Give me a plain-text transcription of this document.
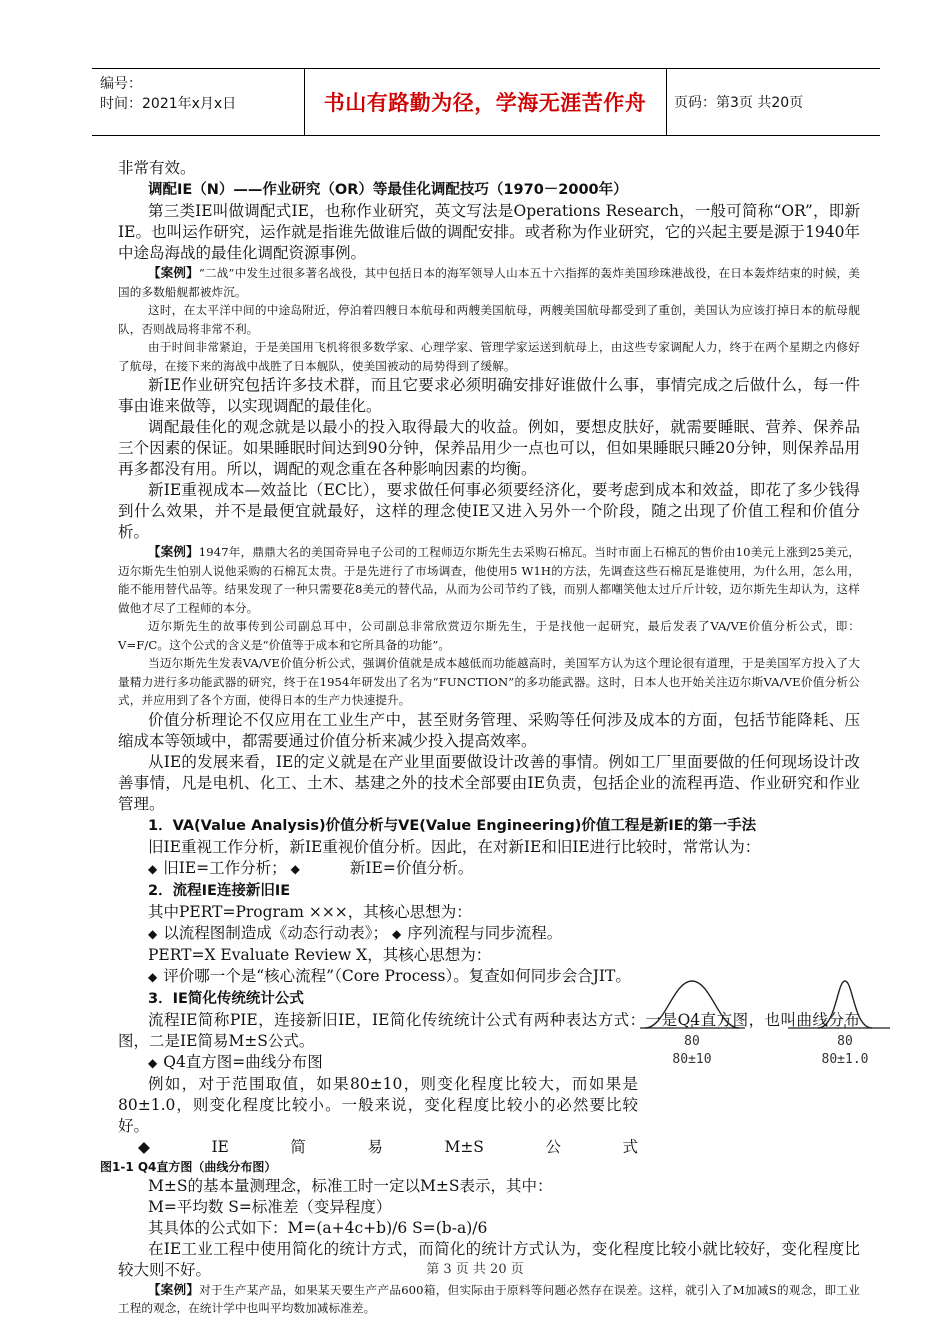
编号：
时间：2021年x月x日	书山有路勤为径，学海无涯苦作舟	页码：第3页 共20页

非常有效。

调配IE（N）——作业研究（OR）等最佳化调配技巧（1970－2000年）

第三类IE叫做调配式IE，也称作业研究，英文写法是Operations Research，一般可简称“OR”，即新IE。也叫运作研究，运作就是指谁先做谁后做的调配安排。或者称为作业研究，它的兴起主要是源于1940年中途岛海战的最佳化调配资源事例。

【案例】“二战”中发生过很多著名战役，其中包括日本的海军领导人山本五十六指挥的轰炸美国珍珠港战役，在日本轰炸结束的时候，美国的多数船舰都被炸沉。

这时，在太平洋中间的中途岛附近，停泊着四艘日本航母和两艘美国航母，两艘美国航母都受到了重创，美国认为应该打掉日本的航母舰队，否则战局将非常不利。

由于时间非常紧迫，于是美国用飞机将很多数学家、心理学家、管理学家运送到航母上，由这些专家调配人力，终于在两个星期之内修好了航母，在接下来的海战中战胜了日本舰队，使美国被动的局势得到了缓解。

新IE作业研究包括许多技术群，而且它要求必须明确安排好谁做什么事，事情完成之后做什么，每一件事由谁来做等，以实现调配的最佳化。

调配最佳化的观念就是以最小的投入取得最大的收益。例如，要想皮肤好，就需要睡眠、营养、保养品三个因素的保证。如果睡眠时间达到90分钟，保养品用少一点也可以，但如果睡眠只睡20分钟，则保养品用再多都没有用。所以，调配的观念重在各种影响因素的均衡。

新IE重视成本—效益比（EC比），要求做任何事必须要经济化，要考虑到成本和效益，即花了多少钱得到什么效果，并不是最便宜就最好，这样的理念使IE又进入另外一个阶段，随之出现了价值工程和价值分析。

【案例】1947年，鼎鼎大名的美国奇异电子公司的工程师迈尔斯先生去采购石棉瓦。当时市面上石棉瓦的售价由10美元上涨到25美元，迈尔斯先生怕别人说他采购的石棉瓦太贵。于是先进行了市场调查，他使用5 W1H的方法，先调查这些石棉瓦是谁使用，为什么用，怎么用，能不能用替代品等。结果发现了一种只需要花8美元的替代品，从而为公司节约了钱，而别人都嘲笑他太过斤斤计较，迈尔斯先生却认为，这样做他才尽了工程师的本分。

迈尔斯先生的故事传到公司副总耳中，公司副总非常欣赏迈尔斯先生，于是找他一起研究，最后发表了VA/VE价值分析公式，即：V=F/C。这个公式的含义是“价值等于成本和它所具备的功能”。

当迈尔斯先生发表VA/VE价值分析公式，强调价值就是成本越低而功能越高时，美国军方认为这个理论很有道理，于是美国军方投入了大量精力进行多功能武器的研究，终于在1954年研发出了名为“FUNCTION”的多功能武器。这时，日本人也开始关注迈尔斯VA/VE价值分析公式，并应用到了各个方面，使得日本的生产力快速提升。

价值分析理论不仅应用在工业生产中，甚至财务管理、采购等任何涉及成本的方面，包括节能降耗、压缩成本等领域中，都需要通过价值分析来减少投入提高效率。

从IE的发展来看，IE的定义就是在产业里面要做设计改善的事情。例如工厂里面要做的任何现场设计改善事情，凡是电机、化工、土木、基建之外的技术全部要由IE负责，包括企业的流程再造、作业研究和作业管理。

1．VA(Value Analysis)价值分析与VE(Value Engineering)价值工程是新IE的第一手法

旧IE重视工作分析，新IE重视价值分析。因此，在对新IE和旧IE进行比较时，常常认为：

◆ 旧IE=工作分析； ◆	新IE=价值分析。

2．流程IE连接新旧IE

其中PERT=Program ×××，其核心思想为：

◆ 以流程图制造成《动态行动表》； ◆ 序列流程与同步流程。

PERT=X Evaluate Review X，其核心思想为：

◆ 评价哪一个是“核心流程”（Core Process）。复查如何同步会合JIT。

3．IE简化传统统计公式

流程IE简称PIE，连接新旧IE，IE简化传统统计公式有两种表达方式：一是Q4直方图，也叫曲线分布图，二是IE简易M±S公式。

◆ Q4直方图=曲线分布图

例如，对于范围取值，如果80±10，则变化程度比较大，而如果是80±1.0，则变化程度比较小。一般来说，变化程度比较小的必然要比较好。

◆	IE	简	易	M±S	公	式

图1-1 Q4直方图（曲线分布图）

M±S的基本量测理念，标准工时一定以M±S表示，其中：

M=平均数 S=标准差（变异程度）

其具体的公式如下：M=(a+4c+b)/6 S=(b-a)/6

在IE工业工程中使用简化的统计方式，而简化的统计方式认为，变化程度比较小就比较好，变化程度比较大则不好。

【案例】对于生产某产品，如果某天要生产产品600箱，但实际由于原料等问题必然存在误差。这样，就引入了M加减S的观念，即工业工程的观念，在统计学中也叫平均数加减标准差。

80
80±10
80
80±1.0
第 3 页 共 20 页
